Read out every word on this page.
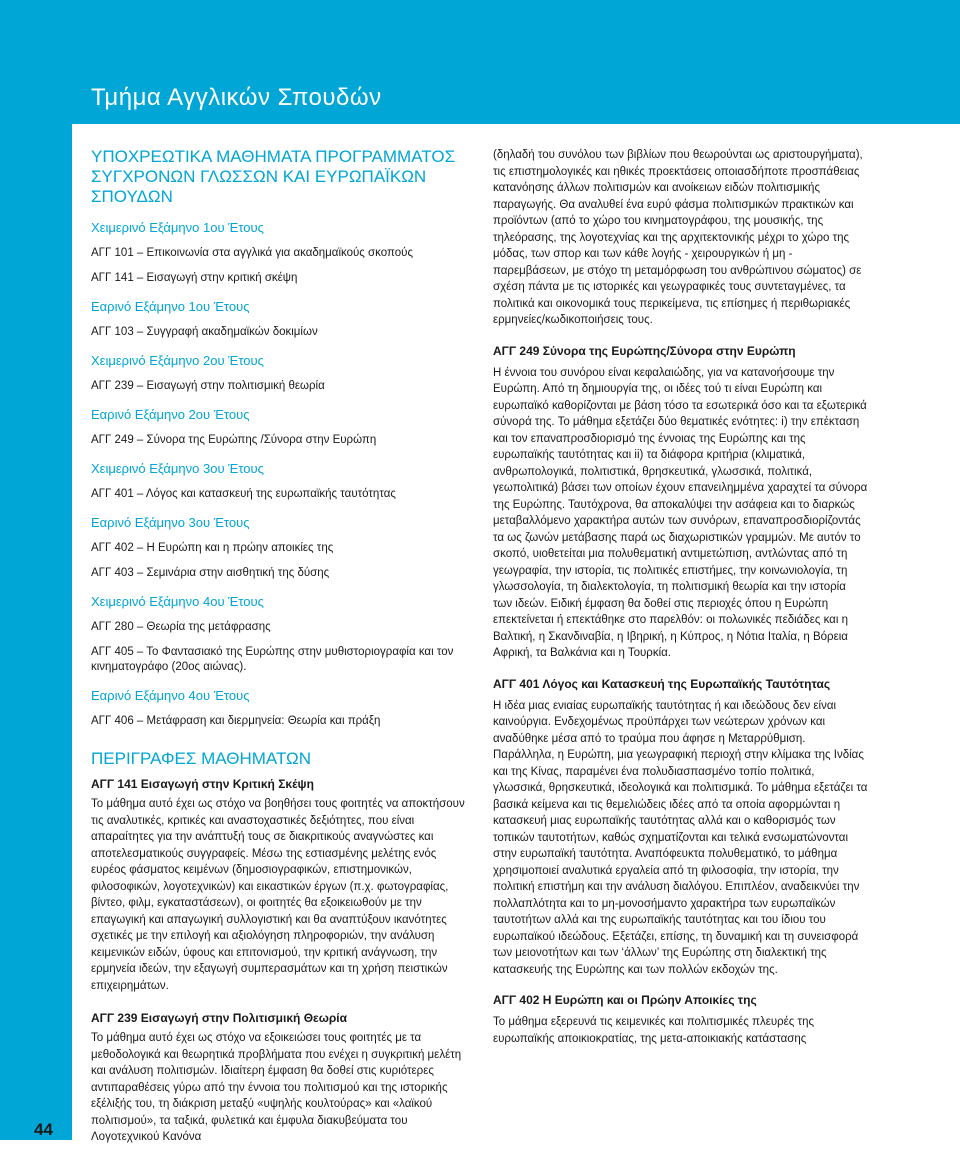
Τμήμα Αγγλικών Σπουδών
44
ΥΠΟΧΡΕΩΤΙΚΑ ΜΑΘΗΜΑΤΑ ΠΡΟΓΡΑΜΜΑΤΟΣ ΣΥΓΧΡΟΝΩΝ ΓΛΩΣΣΩΝ ΚΑΙ ΕΥΡΩΠΑΪΚΩΝ ΣΠΟΥΔΩΝ
Χειμερινό Εξάμηνο 1ου Έτους
ΑΓΓ 101 – Επικοινωνία στα αγγλικά για ακαδημαϊκούς σκοπούς
ΑΓΓ 141 – Εισαγωγή στην κριτική σκέψη
Εαρινό Εξάμηνο 1ου Έτους
ΑΓΓ 103 – Συγγραφή ακαδημαϊκών δοκιμίων
Χειμερινό Εξάμηνο 2ου Έτους
ΑΓΓ 239 – Εισαγωγή στην πολιτισμική θεωρία
Εαρινό Εξάμηνο 2ου Έτους
ΑΓΓ 249 – Σύνορα της Ευρώπης /Σύνορα στην Ευρώπη
Χειμερινό Εξάμηνο 3ου Έτους
ΑΓΓ 401 – Λόγος και κατασκευή της ευρωπαϊκής ταυτότητας
Εαρινό Εξάμηνο 3ου Έτους
ΑΓΓ 402 – Η Ευρώπη και η πρώην αποικίες της
ΑΓΓ 403 – Σεμινάρια στην αισθητική της δύσης
Χειμερινό Εξάμηνο 4ου Έτους
ΑΓΓ 280 – Θεωρία της μετάφρασης
ΑΓΓ 405 – Το Φαντασιακό της Ευρώπης στην μυθιστοριογραφία και τον κινηματογράφο (20ος αιώνας).
Εαρινό Εξάμηνο 4ου Έτους
ΑΓΓ 406 – Μετάφραση και διερμηνεία: Θεωρία και πράξη
ΠΕΡΙΓΡΑΦΕΣ ΜΑΘΗΜΑΤΩΝ
ΑΓΓ 141 Εισαγωγή στην Κριτική Σκέψη
Το μάθημα αυτό έχει ως στόχο να βοηθήσει τους φοιτητές να αποκτήσουν τις αναλυτικές, κριτικές και αναστοχαστικές δεξιότητες, που είναι απαραίτητες για την ανάπτυξή τους σε διακριτικούς αναγνώστες και αποτελεσματικούς συγγραφείς. Μέσω της εστιασμένης μελέτης ενός ευρέος φάσματος κειμένων (δημοσιογραφικών, επιστημονικών, φιλοσοφικών, λογοτεχνικών) και εικαστικών έργων (π.χ. φωτογραφίας, βίντεο, φιλμ, εγκαταστάσεων), οι φοιτητές θα εξοικειωθούν με την επαγωγική και απαγωγική συλλογιστική και θα αναπτύξουν ικανότητες σχετικές με την επιλογή και αξιολόγηση πληροφοριών, την ανάλυση κειμενικών ειδών, ύφους και επιτονισμού, την κριτική ανάγνωση, την ερμηνεία ιδεών, την εξαγωγή συμπερασμάτων και τη χρήση πειστικών επιχειρημάτων.
ΑΓΓ 239 Εισαγωγή στην Πολιτισμική Θεωρία
Το μάθημα αυτό έχει ως στόχο να εξοικειώσει τους φοιτητές με τα μεθοδολογικά και θεωρητικά προβλήματα που ενέχει η συγκριτική μελέτη και ανάλυση πολιτισμών. Ιδιαίτερη έμφαση θα δοθεί στις κυριότερες αντιπαραθέσεις γύρω από την έννοια του πολιτισμού και της ιστορικής εξέλιξής του, τη διάκριση μεταξύ «υψηλής κουλτούρας» και «λαϊκού πολιτισμού», τα ταξικά, φυλετικά και έμφυλα διακυβεύματα του Λογοτεχνικού Κανόνα
(δηλαδή του συνόλου των βιβλίων που θεωρούνται ως αριστουργήματα), τις επιστημολογικές και ηθικές προεκτάσεις οποιασδήποτε προσπάθειας κατανόησης άλλων πολιτισμών και ανοίκειων ειδών πολιτισμικής παραγωγής. Θα αναλυθεί ένα ευρύ φάσμα πολιτισμικών πρακτικών και προϊόντων (από το χώρο του κινηματογράφου, της μουσικής, της τηλεόρασης, της λογοτεχνίας και της αρχιτεκτονικής μέχρι το χώρο της μόδας, των σπορ και των κάθε λογής - χειρουργικών ή μη - παρεμβάσεων, με στόχο τη μεταμόρφωση του ανθρώπινου σώματος) σε σχέση πάντα με τις ιστορικές και γεωγραφικές τους συντεταγμένες, τα πολιτικά και οικονομικά τους περικείμενα, τις επίσημες ή περιθωριακές ερμηνείες/κωδικοποιήσεις τους.
ΑΓΓ 249 Σύνορα της Ευρώπης/Σύνορα στην Ευρώπη
Η έννοια του συνόρου είναι κεφαλαιώδης, για να κατανοήσουμε την Ευρώπη. Από τη δημιουργία της, οι ιδέες τού τι είναι Ευρώπη και ευρωπαϊκό καθορίζονται με βάση τόσο τα εσωτερικά όσο και τα εξωτερικά σύνορά της. Το μάθημα εξετάζει δύο θεματικές ενότητες: i) την επέκταση και τον επαναπροσδιορισμό της έννοιας της Ευρώπης και της ευρωπαϊκής ταυτότητας και ii) τα διάφορα κριτήρια (κλιματικά, ανθρωπολογικά, πολιτιστικά, θρησκευτικά, γλωσσικά, πολιτικά, γεωπολιτικά) βάσει των οποίων έχουν επανειλημμένα χαραχτεί τα σύνορα της Ευρώπης. Ταυτόχρονα, θα αποκαλύψει την ασάφεια και το διαρκώς μεταβαλλόμενο χαρακτήρα αυτών των συνόρων, επαναπροσδιορίζοντάς τα ως ζωνών μετάβασης παρά ως διαχωριστικών γραμμών. Με αυτόν το σκοπό, υιοθετείται μια πολυθεματική αντιμετώπιση, αντλώντας από τη γεωγραφία, την ιστορία, τις πολιτικές επιστήμες, την κοινωνιολογία, τη γλωσσολογία, τη διαλεκτολογία, τη πολιτισμική θεωρία και την ιστορία των ιδεών. Ειδική έμφαση θα δοθεί στις περιοχές όπου η Ευρώπη επεκτείνεται ή επεκτάθηκε στο παρελθόν: οι πολωνικές πεδιάδες και η Βαλτική, η Σκανδιναβία, η Ιβηρική, η Κύπρος, η Νότια Ιταλία, η Βόρεια Αφρική, τα Βαλκάνια και η Τουρκία.
ΑΓΓ 401 Λόγος και Κατασκευή της Ευρωπαϊκής Ταυτότητας
Η ιδέα μιας ενιαίας ευρωπαϊκής ταυτότητας ή και ιδεώδους δεν είναι καινούργια. Ενδεχομένως προϋπάρχει των νεώτερων χρόνων και αναδύθηκε μέσα από το τραύμα που άφησε η Μεταρρύθμιση. Παράλληλα, η Ευρώπη, μια γεωγραφική περιοχή στην κλίμακα της Ινδίας και της Κίνας, παραμένει ένα πολυδιασπασμένο τοπίο πολιτικά, γλωσσικά, θρησκευτικά, ιδεολογικά και πολιτισμικά. Το μάθημα εξετάζει τα βασικά κείμενα και τις θεμελιώδεις ιδέες από τα οποία αφορμώνται η κατασκευή μιας ευρωπαϊκής ταυτότητας αλλά και ο καθορισμός των τοπικών ταυτοτήτων, καθώς σχηματίζονται και τελικά ενσωματώνονται στην ευρωπαϊκή ταυτότητα. Αναπόφευκτα πολυθεματικό, το μάθημα χρησιμοποιεί αναλυτικά εργαλεία από τη φιλοσοφία, την ιστορία, την πολιτική επιστήμη και την ανάλυση διαλόγου. Επιπλέον, αναδεικνύει την πολλαπλότητα και το μη-μονοσήμαντο χαρακτήρα των ευρωπαϊκών ταυτοτήτων αλλά και της ευρωπαϊκής ταυτότητας και του ίδιου του ευρωπαϊκού ιδεώδους. Εξετάζει, επίσης, τη δυναμική και τη συνεισφορά των μειονοτήτων και των ‘άλλων’ της Ευρώπης στη διαλεκτική της κατασκευής της Ευρώπης και των πολλών εκδοχών της.
ΑΓΓ 402 Η Ευρώπη και οι Πρώην Αποικίες της
Το μάθημα εξερευνά τις κειμενικές και πολιτισμικές πλευρές της ευρωπαϊκής αποικιοκρατίας, της μετα-αποικιακής κατάστασης
